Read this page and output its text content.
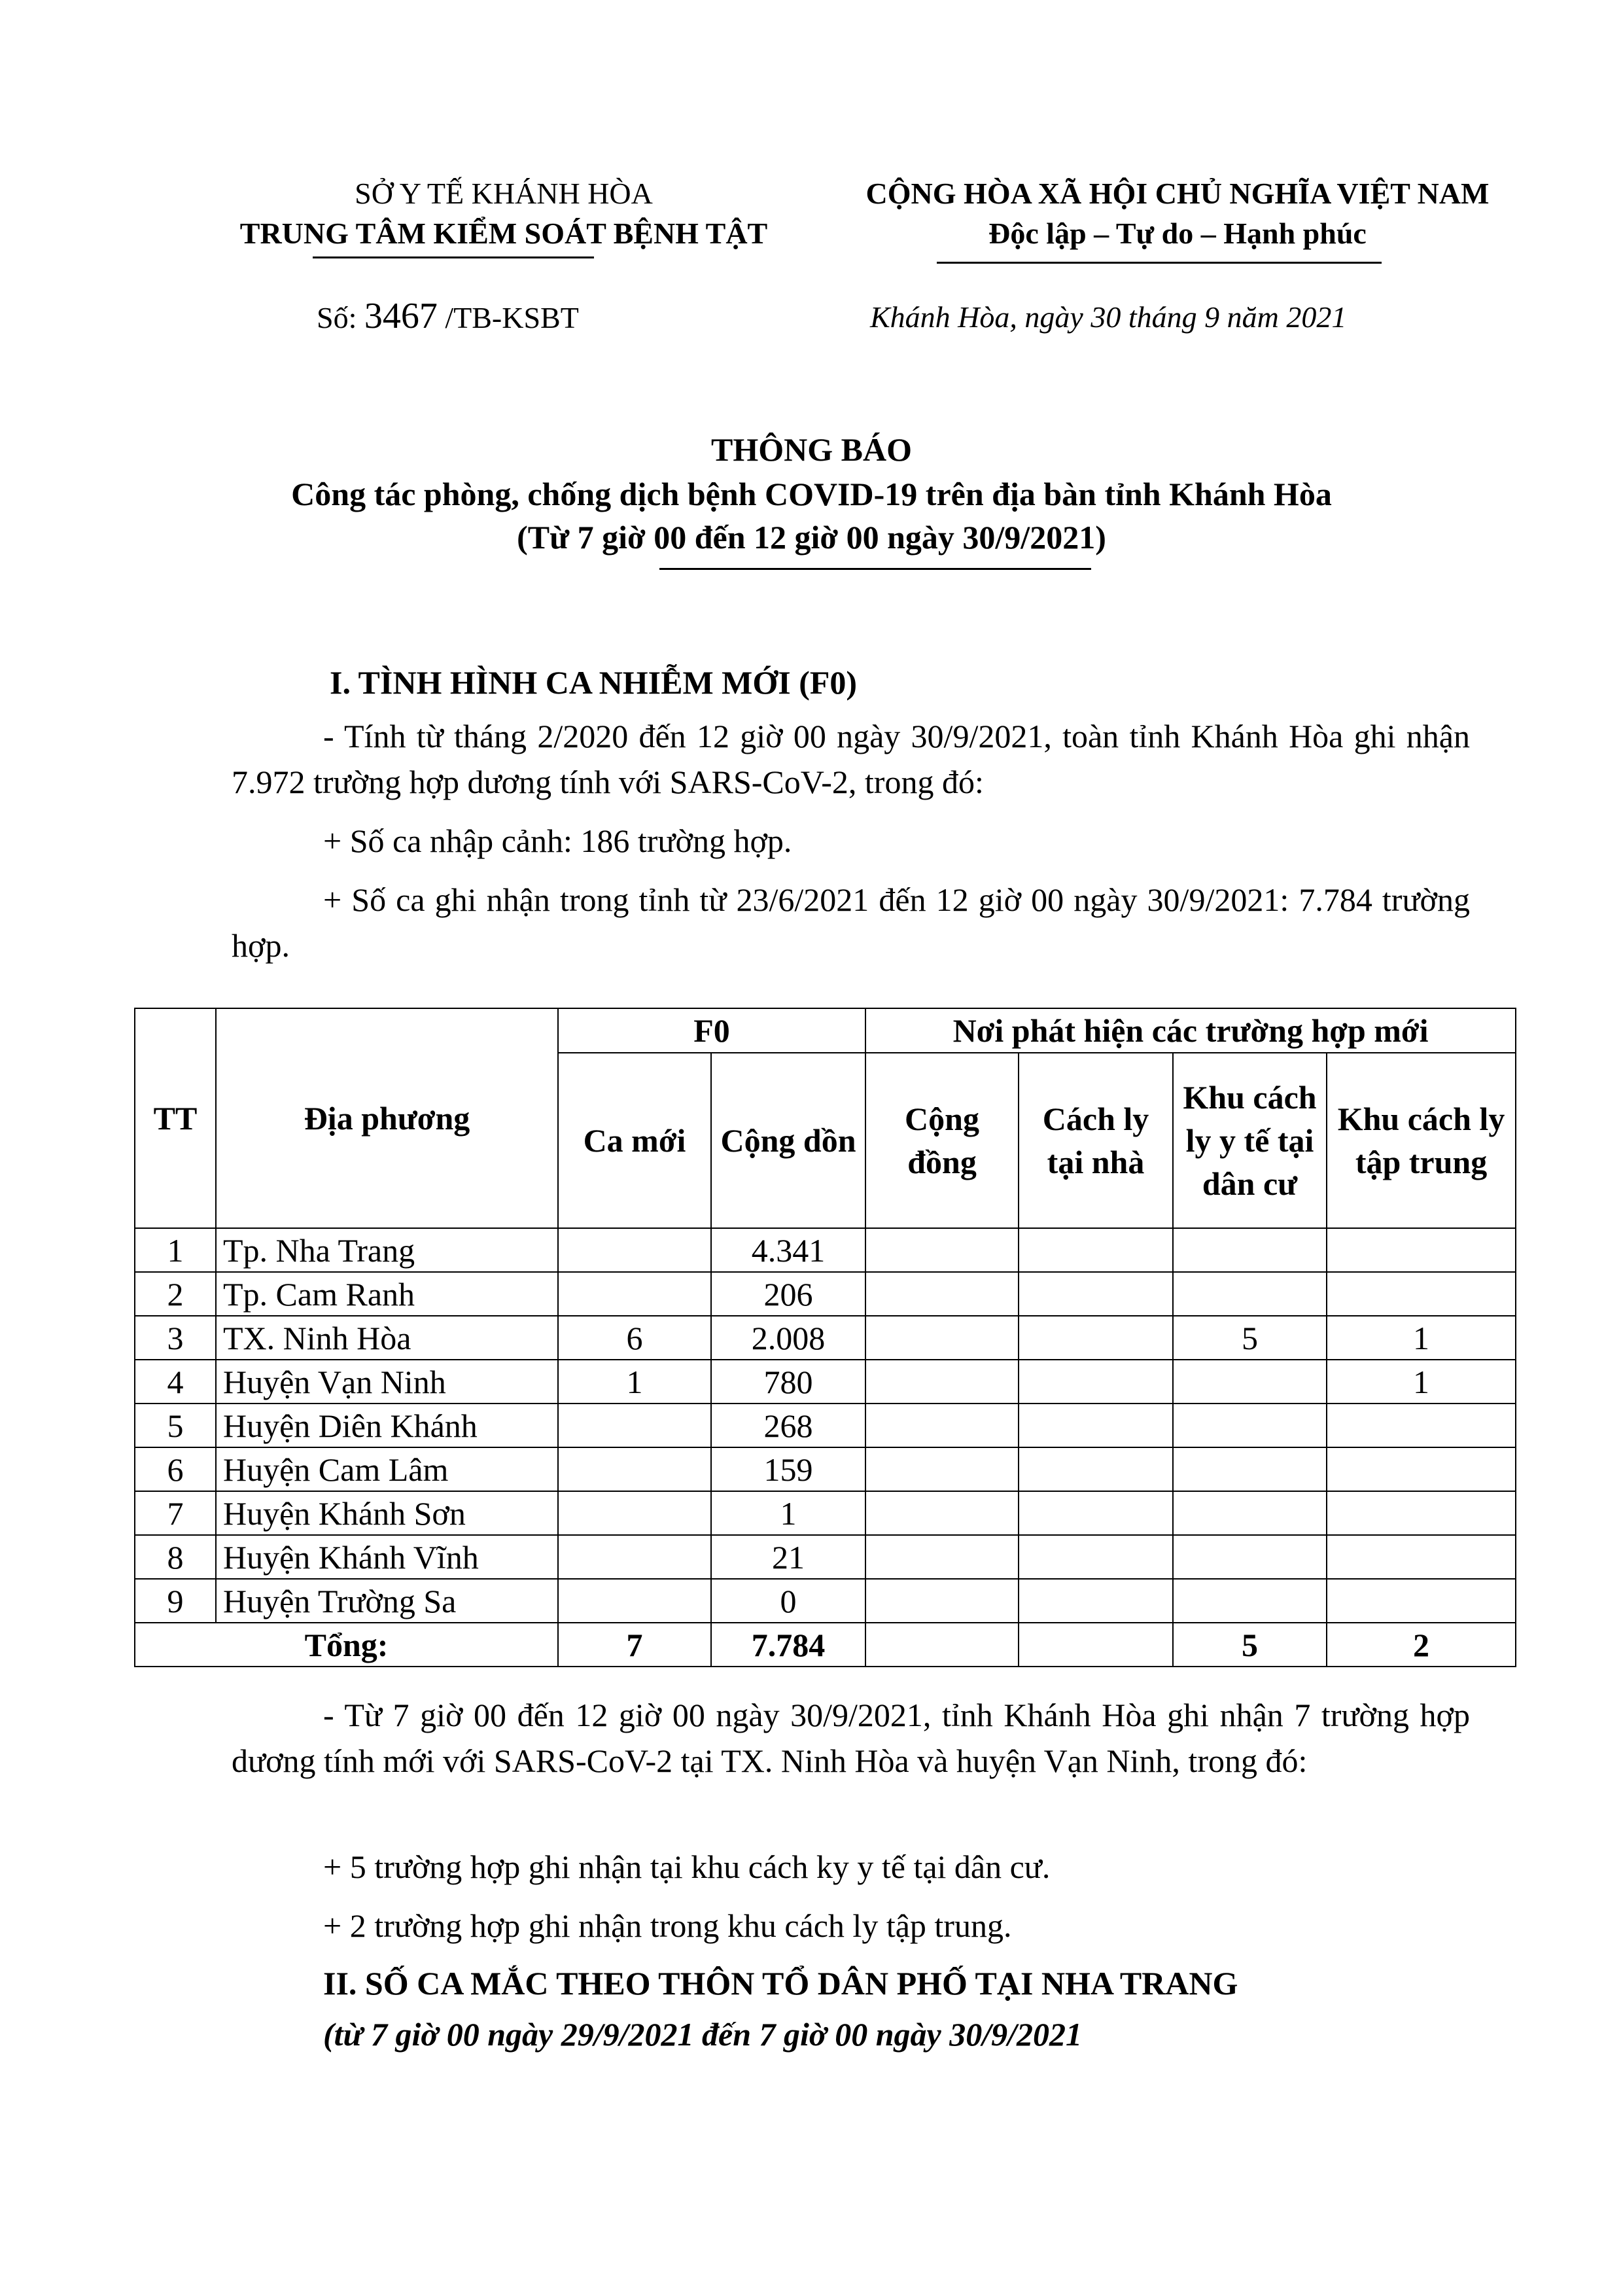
SỞ Y TẾ KHÁNH HÒA
TRUNG TÂM KIỂM SOÁT BỆNH TẬT
CỘNG HÒA XÃ HỘI CHỦ NGHĨA VIỆT NAM
Độc lập – Tự do – Hạnh phúc
Số: 3467 /TB-KSBT	Khánh Hòa, ngày 30 tháng 9 năm 2021
THÔNG BÁO
Công tác phòng, chống dịch bệnh COVID-19 trên địa bàn tỉnh Khánh Hòa
(Từ 7 giờ 00 đến 12 giờ 00 ngày 30/9/2021)
I. TÌNH HÌNH CA NHIỄM MỚI (F0)
- Tính từ tháng 2/2020 đến 12 giờ 00 ngày 30/9/2021, toàn tỉnh Khánh Hòa ghi nhận 7.972 trường hợp dương tính với SARS-CoV-2, trong đó:
+ Số ca nhập cảnh: 186 trường hợp.
+ Số ca ghi nhận trong tỉnh từ 23/6/2021 đến 12 giờ 00 ngày 30/9/2021: 7.784 trường hợp.
TT	Địa phương	F0		Nơi phát hiện các trường hợp mới			
		Ca mới	Cộng dồn	Cộng đồng	Cách ly tại nhà	Khu cách ly y tế tại dân cư	Khu cách ly tập trung
1	Tp. Nha Trang		4.341				
2	Tp. Cam Ranh		206				
3	TX. Ninh Hòa	6	2.008			5	1
4	Huyện Vạn Ninh	1	780				1
5	Huyện Diên Khánh		268				
6	Huyện Cam Lâm		159				
7	Huyện Khánh Sơn		1				
8	Huyện Khánh Vĩnh		21				
9	Huyện Trường Sa		0				
Tổng:		7	7.784			5	2
- Từ 7 giờ 00 đến 12 giờ 00 ngày 30/9/2021, tỉnh Khánh Hòa ghi nhận 7 trường hợp dương tính mới với SARS-CoV-2 tại TX. Ninh Hòa và huyện Vạn Ninh, trong đó:
+ 5 trường hợp ghi nhận tại khu cách ky y tế tại dân cư.
+ 2 trường hợp ghi nhận trong khu cách ly tập trung.
II. SỐ CA MẮC THEO THÔN TỔ DÂN PHỐ TẠI NHA TRANG
(từ 7 giờ 00 ngày 29/9/2021 đến 7 giờ 00 ngày 30/9/2021
